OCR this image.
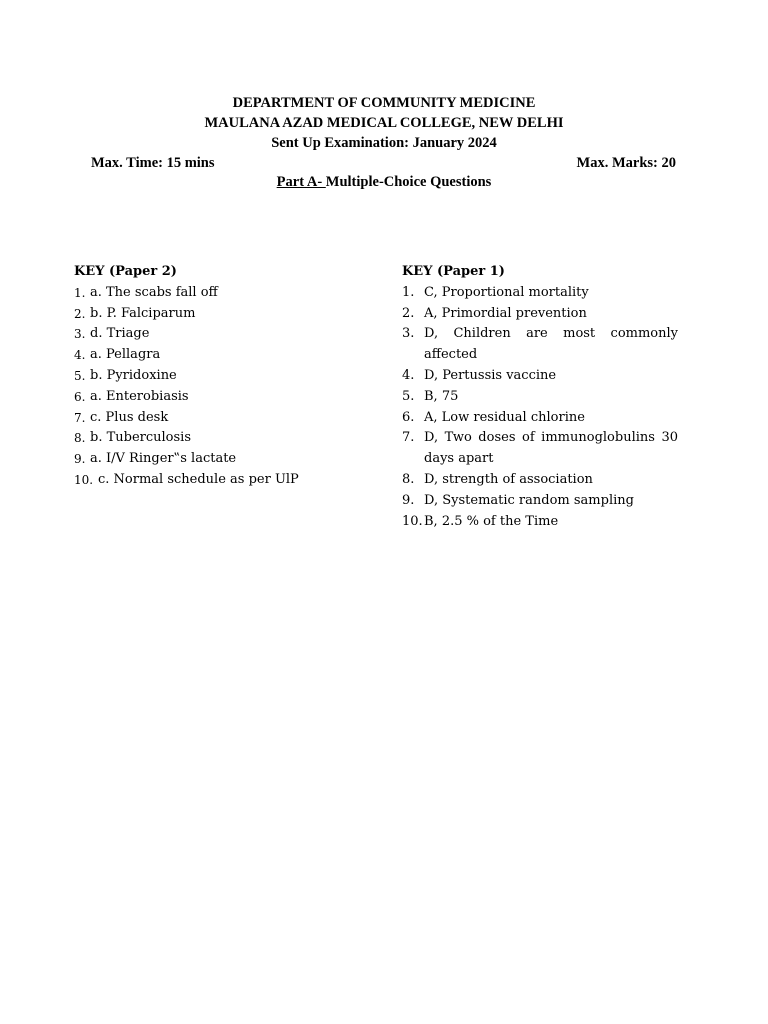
DEPARTMENT OF COMMUNITY MEDICINE
MAULANA AZAD MEDICAL COLLEGE, NEW DELHI
Sent Up Examination: January 2024
Max. Time: 15 mins	Max. Marks: 20
Part A- Multiple-Choice Questions
KEY (Paper 2)
1. a. The scabs fall off
2. b. P. Falciparum
3. d. Triage
4. a. Pellagra
5. b. Pyridoxine
6. a. Enterobiasis
7. c. Plus desk
8. b. Tuberculosis
9. a. I/V Ringer‟s lactate
10. c. Normal schedule as per UlP
KEY (Paper 1)
1. C, Proportional mortality
2. A, Primordial prevention
3. D, Children are most commonly affected
4. D, Pertussis vaccine
5. B, 75
6. A, Low residual chlorine
7. D, Two doses of immunoglobulins 30 days apart
8. D, strength of association
9. D, Systematic random sampling
10. B, 2.5 % of the Time
